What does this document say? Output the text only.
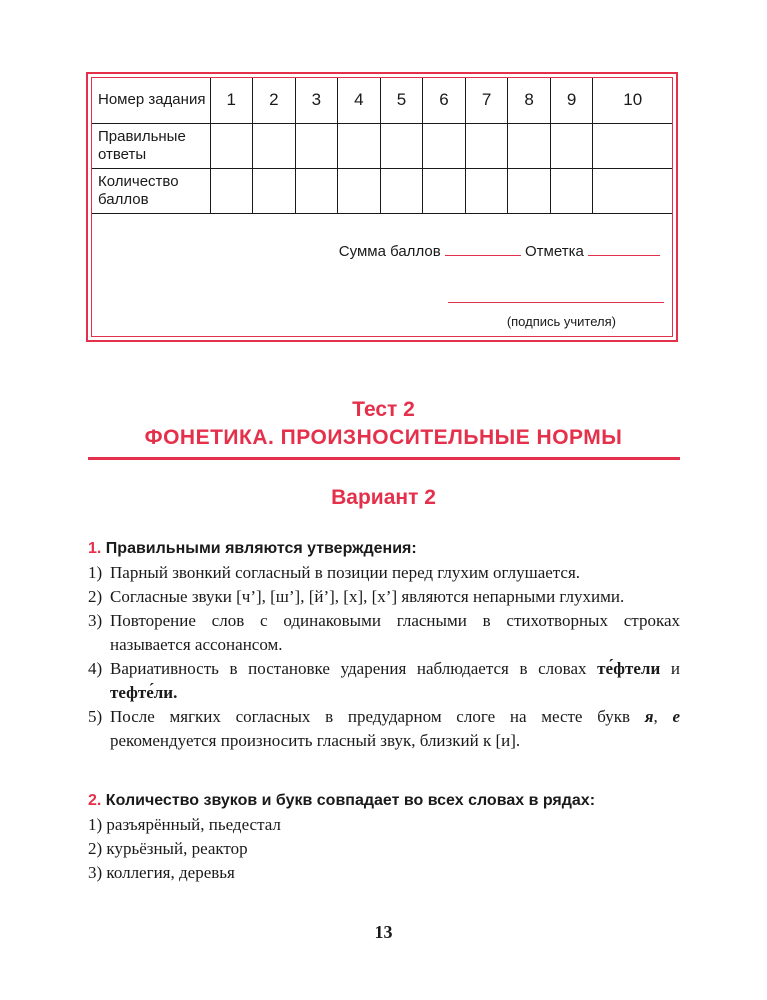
Номер задания	1	2	3	4	5	6	7	8	9	10
Правильные ответы										
Количество баллов										
Сумма баллов	Отметка
(подпись учителя)
Тест 2
ФОНЕТИКА. ПРОИЗНОСИТЕЛЬНЫЕ НОРМЫ
Вариант 2
1. Правильными являются утверждения:
1) Парный звонкий согласный в позиции перед глухим оглушается.
2) Согласные звуки [ч’], [ш’], [й’], [х], [х’] являются непарными глухими.
3) Повторение слов с одинаковыми гласными в стихотворных строках называется ассонансом.
4) Вариативность в постановке ударения наблюдается в словах те́фтели и тефте́ли.
5) После мягких согласных в предударном слоге на месте букв я, е рекомендуется произносить гласный звук, близкий к [и].
2. Количество звуков и букв совпадает во всех словах в рядах:
1) разъярённый, пьедестал
2) курьёзный, реактор
3) коллегия, деревья
13
